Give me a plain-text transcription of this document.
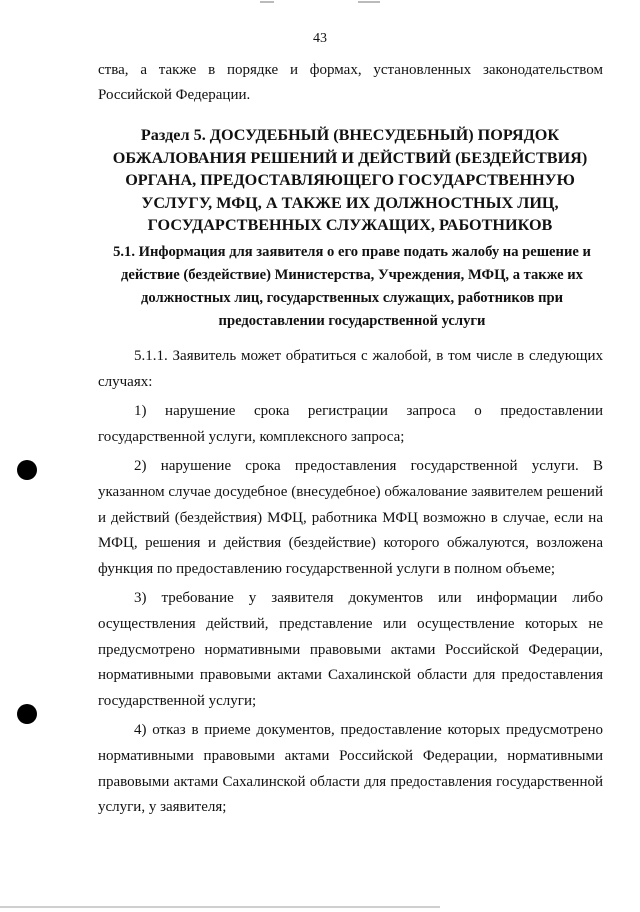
43
ства, а также в порядке и формах, установленных законодательством Российской Федерации.
Раздел 5. ДОСУДЕБНЫЙ (ВНЕСУДЕБНЫЙ) ПОРЯДОК ОБЖАЛОВАНИЯ РЕШЕНИЙ И ДЕЙСТВИЙ (БЕЗДЕЙСТВИЯ) ОРГАНА, ПРЕДОСТАВЛЯЮЩЕГО ГОСУДАРСТВЕННУЮ УСЛУГУ, МФЦ, А ТАКЖЕ ИХ ДОЛЖНОСТНЫХ ЛИЦ, ГОСУДАРСТВЕННЫХ СЛУЖАЩИХ, РАБОТНИКОВ
5.1. Информация для заявителя о его праве подать жалобу на решение и действие (бездействие) Министерства, Учреждения, МФЦ, а также их должностных лиц, государственных служащих, работников при предоставлении государственной услуги

5.1.1. Заявитель может обратиться с жалобой, в том числе в следующих случаях:

1) нарушение срока регистрации запроса о предоставлении государственной услуги, комплексного запроса;

2) нарушение срока предоставления государственной услуги. В указанном случае досудебное (внесудебное) обжалование заявителем решений и действий (бездействия) МФЦ, работника МФЦ возможно в случае, если на МФЦ, решения и действия (бездействие) которого обжалуются, возложена функция по предоставлению государственной услуги в полном объеме;

3) требование у заявителя документов или информации либо осуществления действий, представление или осуществление которых не предусмотрено нормативными правовыми актами Российской Федерации, нормативными правовыми актами Сахалинской области для предоставления государственной услуги;

4) отказ в приеме документов, предоставление которых предусмотрено нормативными правовыми актами Российской Федерации, нормативными правовыми актами Сахалинской области для предоставления государственной услуги, у заявителя;
